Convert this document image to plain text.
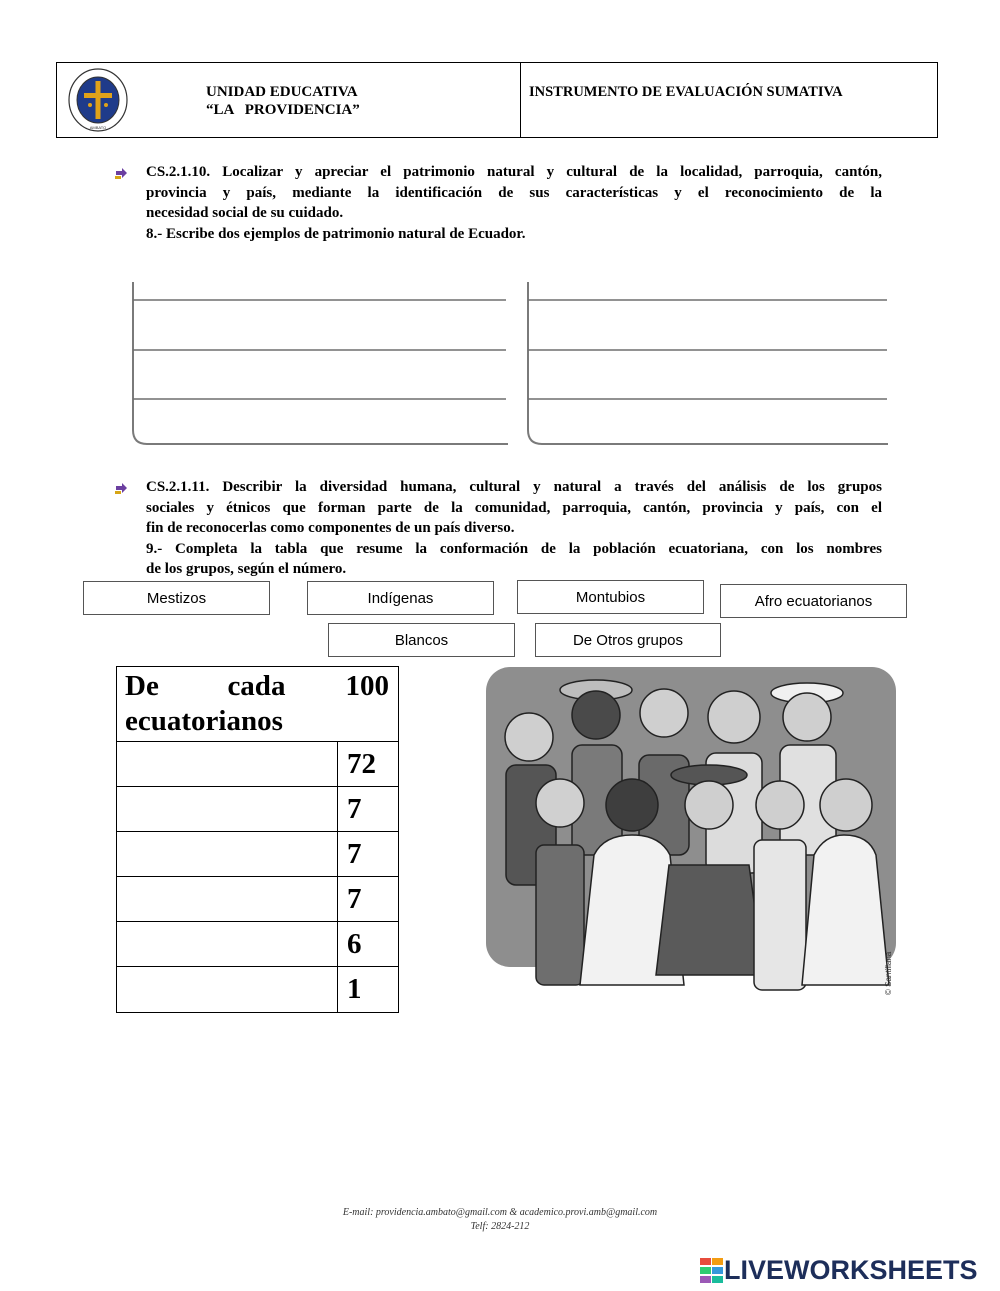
AMBATO
UNIDAD EDUCATIVA
“LA   PROVIDENCIA”
INSTRUMENTO DE EVALUACIÓN SUMATIVA
CS.2.1.10. Localizar y apreciar el patrimonio natural y cultural de la localidad, parroquia, cantón,
provincia y país, mediante la identificación de sus características y el reconocimiento de la
necesidad social de su cuidado.
8.- Escribe dos ejemplos de patrimonio natural de Ecuador.
CS.2.1.11. Describir la diversidad humana, cultural y natural a través del análisis de los grupos
sociales y étnicos que forman parte de la comunidad, parroquia, cantón, provincia y país, con el
fin de reconocerlas como componentes de un país diverso.
9.- Completa la tabla que resume la conformación de la población ecuatoriana, con los nombres
de los grupos, según el número.
Mestizos	Indígenas	Montubios	Afro ecuatorianos
Blancos	De Otros grupos
De        cada       100
ecuatorianos
72
7
7
7
6
1	© Santillana
E-mail: providencia.ambato@gmail.com & academico.provi.amb@gmail.com
Telf: 2824-212
LIVEWORKSHEETS
